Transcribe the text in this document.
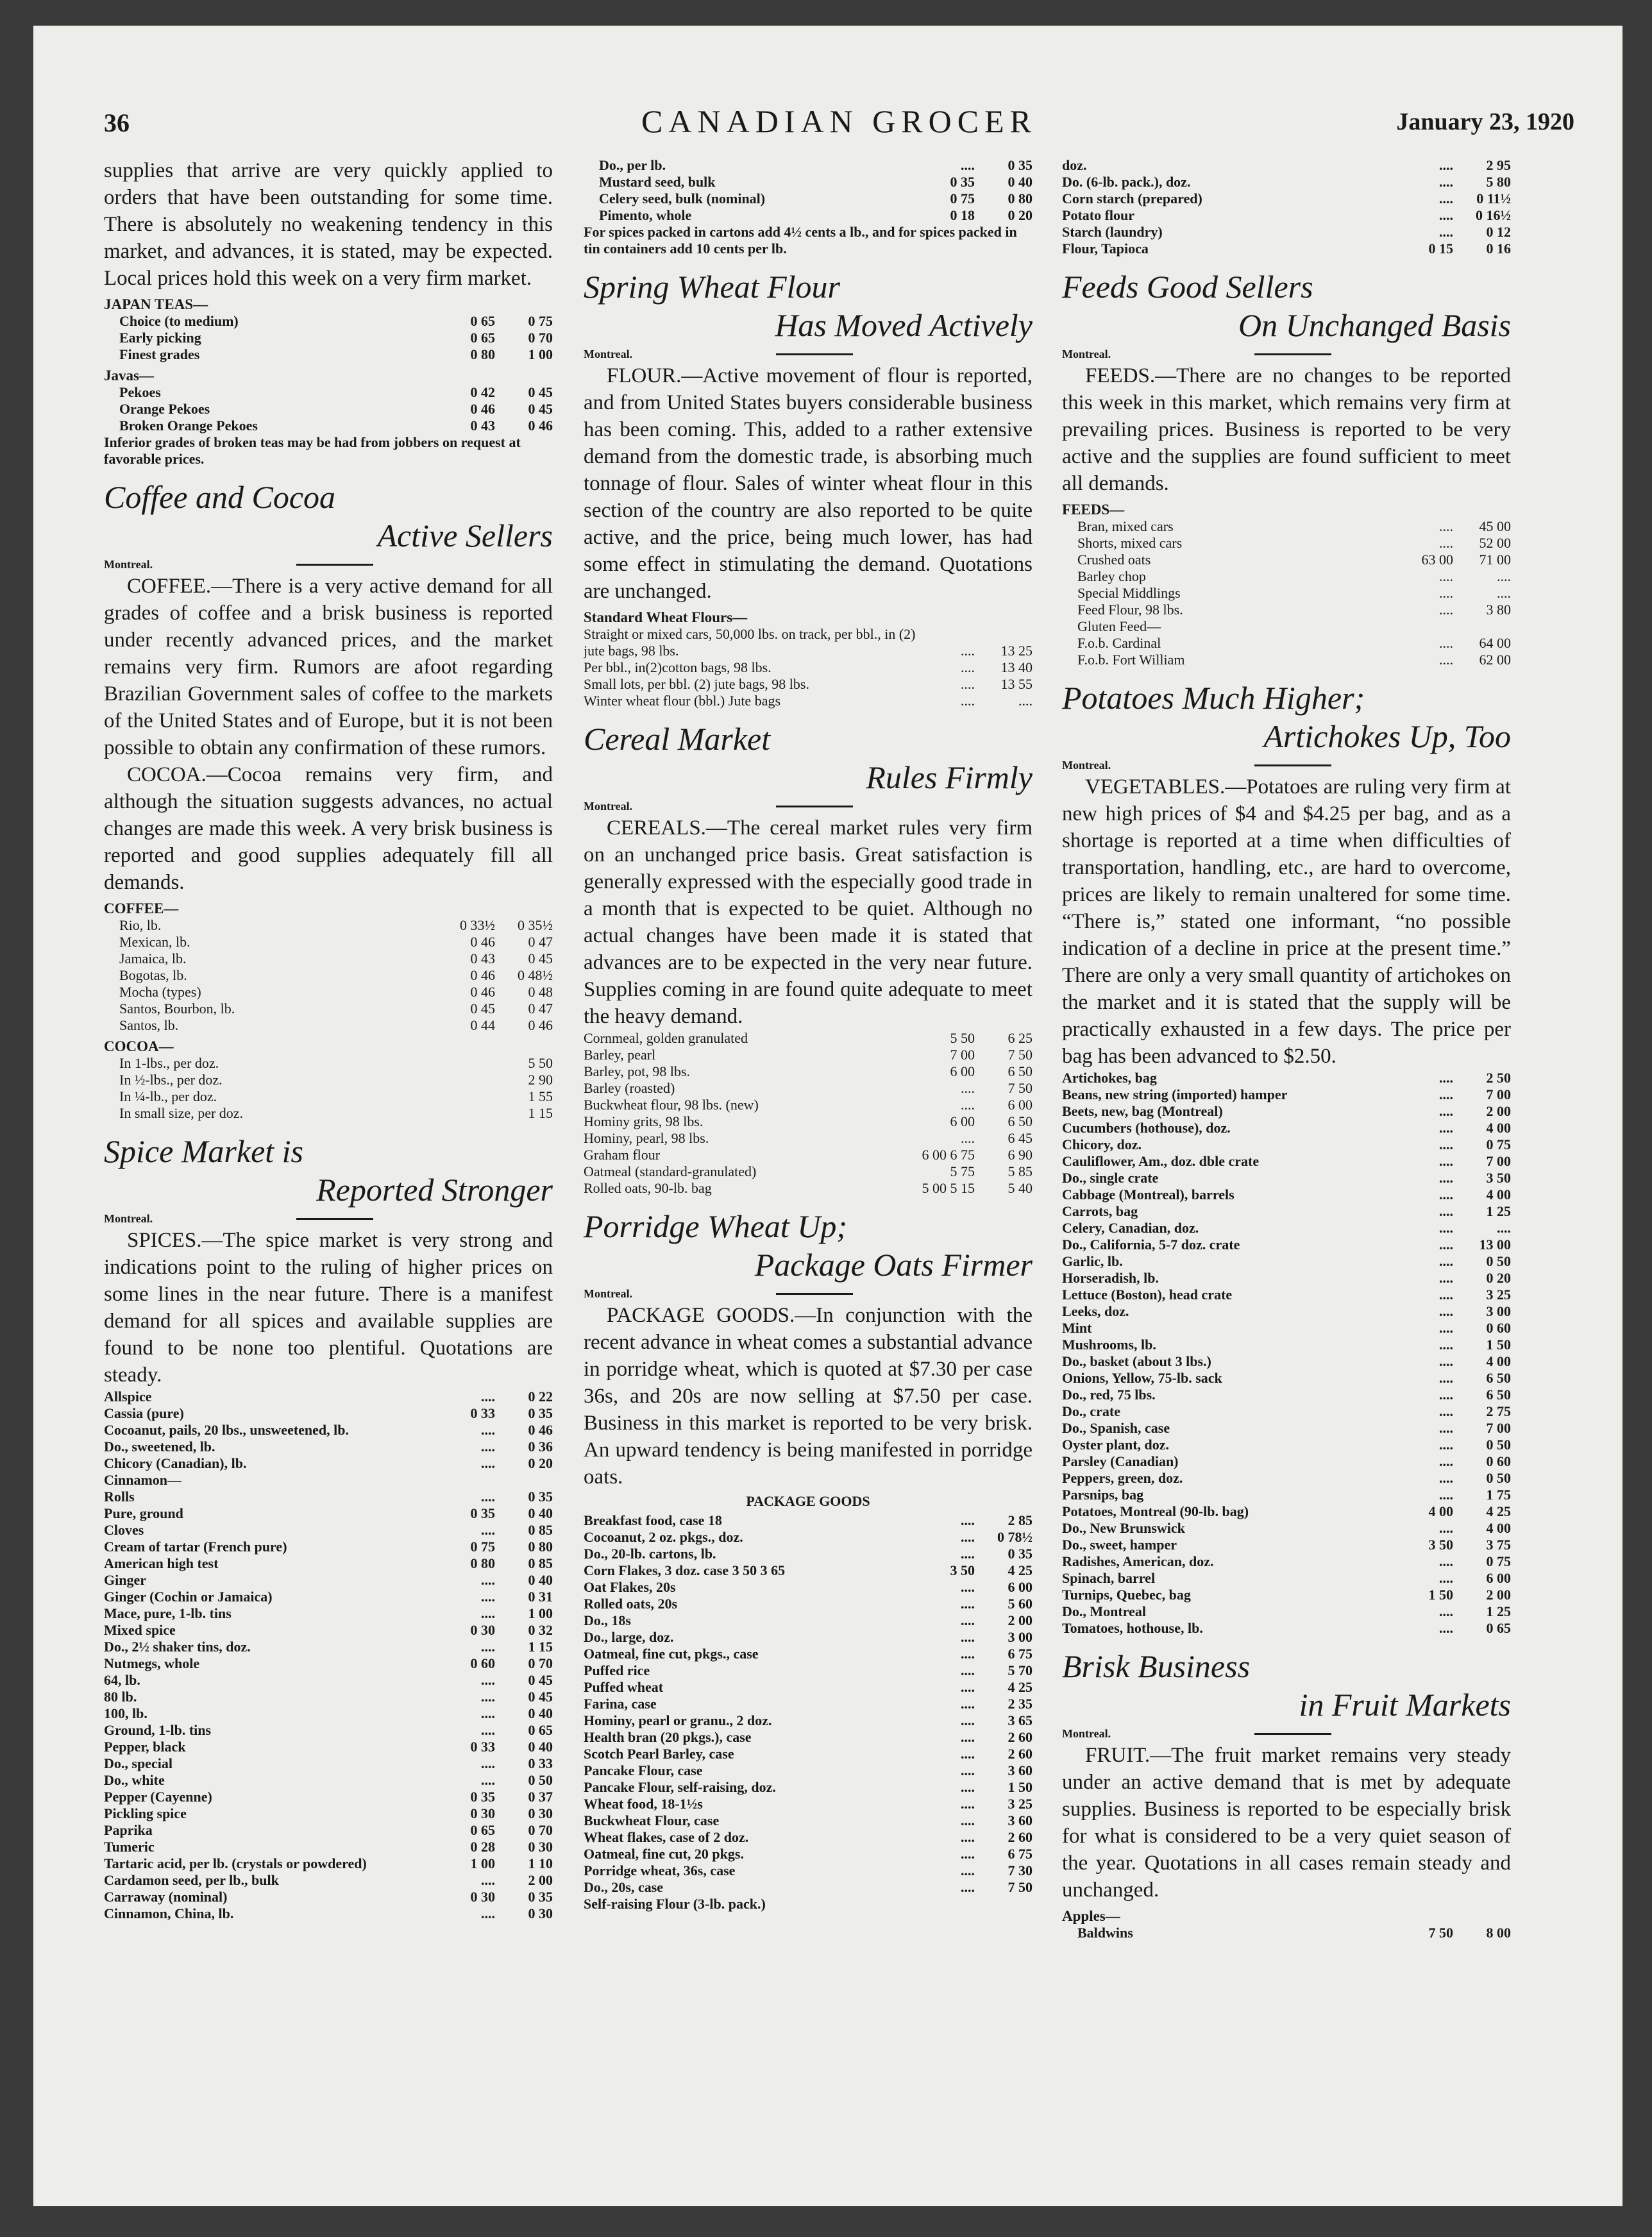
36	CANADIAN GROCER	January 23, 1920

supplies that arrive are very quickly applied to orders that have been outstanding for some time. There is absolutely no weakening tendency in this market, and advances, it is stated, may be expected. Local prices hold this week on a very firm market.

JAPAN TEAS—
Choice (to medium)	0 65	0 75
Early picking	0 65	0 70
Finest grades	0 80	1 00
Javas—
Pekoes	0 42	0 45
Orange Pekoes	0 46	0 45
Broken Orange Pekoes	0 43	0 46

Inferior grades of broken teas may be had from jobbers on request at favorable prices.

Coffee and Cocoa
Active Sellers
Montreal.

COFFEE.—There is a very active demand for all grades of coffee and a brisk business is reported under recently advanced prices, and the market remains very firm. Rumors are afoot regarding Brazilian Government sales of coffee to the markets of the United States and of Europe, but it is not been possible to obtain any confirmation of these rumors.

COCOA.—Cocoa remains very firm, and although the situation suggests advances, no actual changes are made this week. A very brisk business is reported and good supplies adequately fill all demands.

COFFEE—
Rio, lb.	0 33½	0 35½
Mexican, lb.	0 46	0 47
Jamaica, lb.	0 43	0 45
Bogotas, lb.	0 46	0 48½
Mocha (types)	0 46	0 48
Santos, Bourbon, lb.	0 45	0 47
Santos, lb.	0 44	0 46
COCOA—
In 1-lbs., per doz.		5 50
In ½-lbs., per doz.		2 90
In ¼-lb., per doz.		1 55
In small size, per doz.		1 15
Spice Market is
Reported Stronger
Montreal.

SPICES.—The spice market is very strong and indications point to the ruling of higher prices on some lines in the near future. There is a manifest demand for all spices and available supplies are found to be none too plentiful. Quotations are steady.

Allspice	....	0 22
Cassia (pure)	0 33	0 35
Cocoanut, pails, 20 lbs., unsweetened, lb.	....	0 46
Do., sweetened, lb.	....	0 36
Chicory (Canadian), lb.	....	0 20
Cinnamon—		
Rolls	....	0 35
Pure, ground	0 35	0 40
Cloves	....	0 85
Cream of tartar (French pure)	0 75	0 80
American high test	0 80	0 85
Ginger	....	0 40
Ginger (Cochin or Jamaica)	....	0 31
Mace, pure, 1-lb. tins	....	1 00
Mixed spice	0 30	0 32
Do., 2½ shaker tins, doz.	....	1 15
Nutmegs, whole	0 60	0 70
64, lb.	....	0 45
80 lb.	....	0 45
100, lb.	....	0 40
Ground, 1-lb. tins	....	0 65
Pepper, black	0 33	0 40
Do., special	....	0 33
Do., white	....	0 50
Pepper (Cayenne)	0 35	0 37
Pickling spice	0 30	0 30
Paprika	0 65	0 70
Tumeric	0 28	0 30
Tartaric acid, per lb. (crystals or powdered)	1 00	1 10
Cardamon seed, per lb., bulk	....	2 00
Carraway (nominal)	0 30	0 35
Cinnamon, China, lb.	....	0 30
Do., per lb.	....	0 35
Mustard seed, bulk	0 35	0 40
Celery seed, bulk (nominal)	0 75	0 80
Pimento, whole	0 18	0 20

For spices packed in cartons add 4½ cents a lb., and for spices packed in tin containers add 10 cents per lb.

Spring Wheat Flour
Has Moved Actively
Montreal.

FLOUR.—Active movement of flour is reported, and from United States buyers considerable business has been coming. This, added to a rather extensive demand from the domestic trade, is absorbing much tonnage of flour. Sales of winter wheat flour in this section of the country are also reported to be quite active, and the price, being much lower, has had some effect in stimulating the demand. Quotations are unchanged.

Standard Wheat Flours—
Straight or mixed cars, 50,000 lbs. on track, per bbl., in (2) jute bags, 98 lbs.	....	13 25
Per bbl., in(2)cotton bags, 98 lbs.	....	13 40
Small lots, per bbl. (2) jute bags, 98 lbs.	....	13 55
Winter wheat flour (bbl.) Jute bags	....	....
Cereal Market
Rules Firmly
Montreal.

CEREALS.—The cereal market rules very firm on an unchanged price basis. Great satisfaction is generally expressed with the especially good trade in a month that is expected to be quiet. Although no actual changes have been made it is stated that advances are to be expected in the very near future. Supplies coming in are found quite adequate to meet the heavy demand.

Cornmeal, golden granulated	5 50	6 25
Barley, pearl	7 00	7 50
Barley, pot, 98 lbs.	6 00	6 50
Barley (roasted)	....	7 50
Buckwheat flour, 98 lbs. (new)	....	6 00
Hominy grits, 98 lbs.	6 00	6 50
Hominy, pearl, 98 lbs.	....	6 45
Graham flour	6 00 6 75	6 90
Oatmeal (standard-granulated)	5 75	5 85
Rolled oats, 90-lb. bag	5 00 5 15	5 40
Porridge Wheat Up;
Package Oats Firmer
Montreal.

PACKAGE GOODS.—In conjunction with the recent advance in wheat comes a substantial advance in porridge wheat, which is quoted at $7.30 per case 36s, and 20s are now selling at $7.50 per case. Business in this market is reported to be very brisk. An upward tendency is being manifested in porridge oats.

PACKAGE GOODS
Breakfast food, case 18	....	2 85
Cocoanut, 2 oz. pkgs., doz.	....	0 78½
Do., 20-lb. cartons, lb.	....	0 35
Corn Flakes, 3 doz. case 3 50 3 65	3 50	4 25
Oat Flakes, 20s	....	6 00
Rolled oats, 20s	....	5 60
Do., 18s	....	2 00
Do., large, doz.	....	3 00
Oatmeal, fine cut, pkgs., case	....	6 75
Puffed rice	....	5 70
Puffed wheat	....	4 25
Farina, case	....	2 35
Hominy, pearl or granu., 2 doz.	....	3 65
Health bran (20 pkgs.), case	....	2 60
Scotch Pearl Barley, case	....	2 60
Pancake Flour, case	....	3 60
Pancake Flour, self-raising, doz.	....	1 50
Wheat food, 18-1½s	....	3 25
Buckwheat Flour, case	....	3 60
Wheat flakes, case of 2 doz.	....	2 60
Oatmeal, fine cut, 20 pkgs.	....	6 75
Porridge wheat, 36s, case	....	7 30
Do., 20s, case	....	7 50
Self-raising Flour (3-lb. pack.)		
doz.	....	2 95
Do. (6-lb. pack.), doz.	....	5 80
Corn starch (prepared)	....	0 11½
Potato flour	....	0 16½
Starch (laundry)	....	0 12
Flour, Tapioca	0 15	0 16
Feeds Good Sellers
On Unchanged Basis
Montreal.

FEEDS.—There are no changes to be reported this week in this market, which remains very firm at prevailing prices. Business is reported to be very active and the supplies are found sufficient to meet all demands.

FEEDS—
Bran, mixed cars	....	45 00
Shorts, mixed cars	....	52 00
Crushed oats	63 00	71 00
Barley chop	....	....
Special Middlings	....	....
Feed Flour, 98 lbs.	....	3 80
Gluten Feed—		
F.o.b. Cardinal	....	64 00
F.o.b. Fort William	....	62 00
Potatoes Much Higher;
Artichokes Up, Too
Montreal.

VEGETABLES.—Potatoes are ruling very firm at new high prices of $4 and $4.25 per bag, and as a shortage is reported at a time when difficulties of transportation, handling, etc., are hard to overcome, prices are likely to remain unaltered for some time. “There is,” stated one informant, “no possible indication of a decline in price at the present time.” There are only a very small quantity of artichokes on the market and it is stated that the supply will be practically exhausted in a few days. The price per bag has been advanced to $2.50.

Artichokes, bag	....	2 50
Beans, new string (imported) hamper	....	7 00
Beets, new, bag (Montreal)	....	2 00
Cucumbers (hothouse), doz.	....	4 00
Chicory, doz.	....	0 75
Cauliflower, Am., doz. dble crate	....	7 00
Do., single crate	....	3 50
Cabbage (Montreal), barrels	....	4 00
Carrots, bag	....	1 25
Celery, Canadian, doz.	....	....
Do., California, 5-7 doz. crate	....	13 00
Garlic, lb.	....	0 50
Horseradish, lb.	....	0 20
Lettuce (Boston), head crate	....	3 25
Leeks, doz.	....	3 00
Mint	....	0 60
Mushrooms, lb.	....	1 50
Do., basket (about 3 lbs.)	....	4 00
Onions, Yellow, 75-lb. sack	....	6 50
Do., red, 75 lbs.	....	6 50
Do., crate	....	2 75
Do., Spanish, case	....	7 00
Oyster plant, doz.	....	0 50
Parsley (Canadian)	....	0 60
Peppers, green, doz.	....	0 50
Parsnips, bag	....	1 75
Potatoes, Montreal (90-lb. bag)	4 00	4 25
Do., New Brunswick	....	4 00
Do., sweet, hamper	3 50	3 75
Radishes, American, doz.	....	0 75
Spinach, barrel	....	6 00
Turnips, Quebec, bag	1 50	2 00
Do., Montreal	....	1 25
Tomatoes, hothouse, lb.	....	0 65
Brisk Business
in Fruit Markets
Montreal.

FRUIT.—The fruit market remains very steady under an active demand that is met by adequate supplies. Business is reported to be especially brisk for what is considered to be a very quiet season of the year. Quotations in all cases remain steady and unchanged.

Apples—
Baldwins	7 50	8 00
